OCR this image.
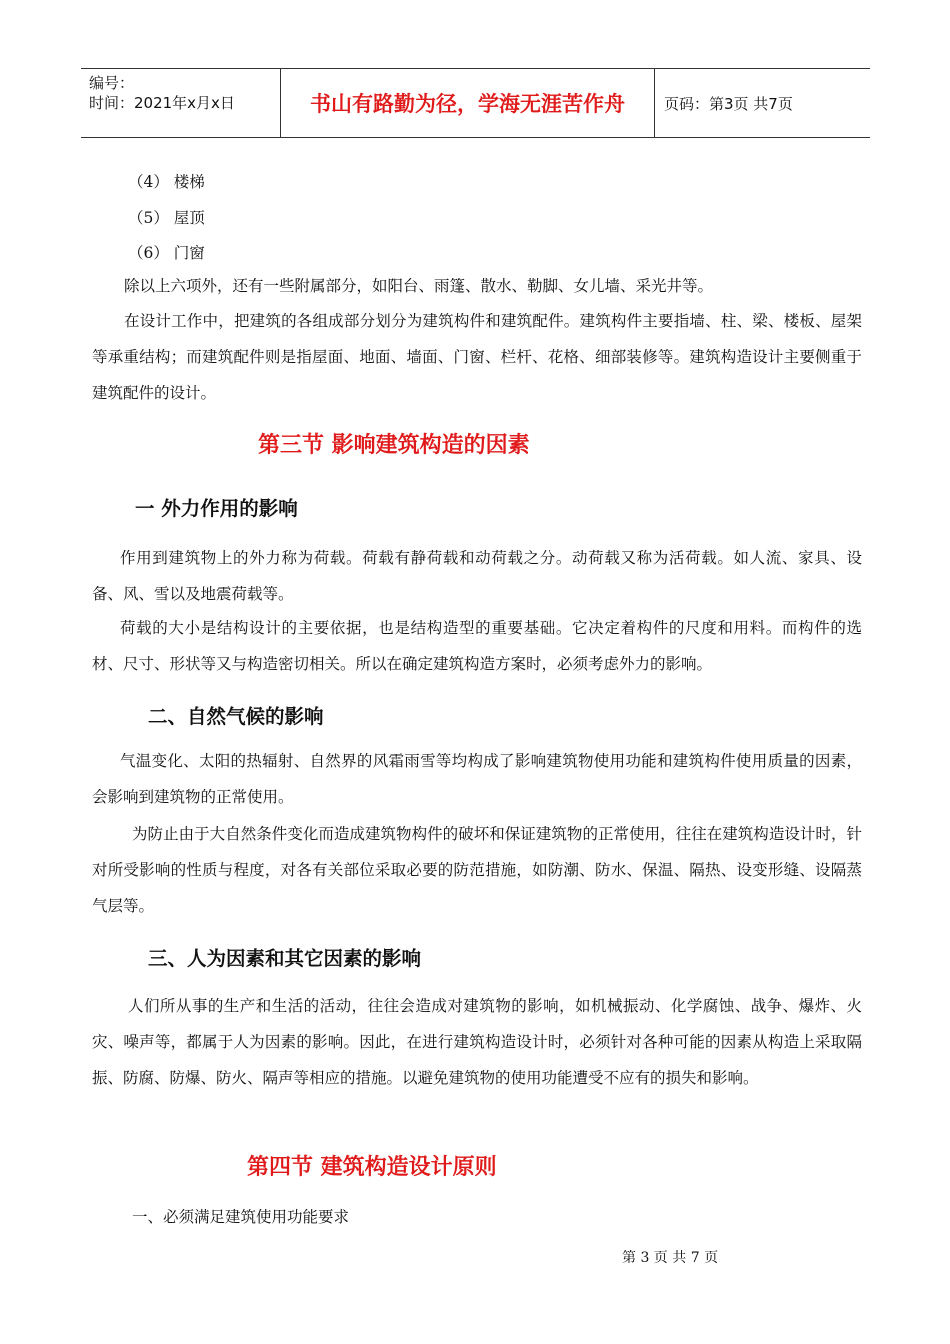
编号：
时间：2021年x月x日	书山有路勤为径，学海无涯苦作舟	页码：第3页 共7页
（4） 楼梯
（5） 屋顶
（6） 门窗
除以上六项外，还有一些附属部分，如阳台、雨篷、散水、勒脚、女儿墙、采光井等。
在设计工作中，把建筑的各组成部分划分为建筑构件和建筑配件。建筑构件主要指墙、柱、梁、楼板、屋架等承重结构；而建筑配件则是指屋面、地面、墙面、门窗、栏杆、花格、细部装修等。建筑构造设计主要侧重于建筑配件的设计。
第三节 影响建筑构造的因素
一 外力作用的影响
作用到建筑物上的外力称为荷载。荷载有静荷载和动荷载之分。动荷载又称为活荷载。如人流、家具、设备、风、雪以及地震荷载等。
荷载的大小是结构设计的主要依据，也是结构造型的重要基础。它决定着构件的尺度和用料。而构件的选材、尺寸、形状等又与构造密切相关。所以在确定建筑构造方案时，必须考虑外力的影响。
二、自然气候的影响
气温变化、太阳的热辐射、自然界的风霜雨雪等均构成了影响建筑物使用功能和建筑构件使用质量的因素，会影响到建筑物的正常使用。
为防止由于大自然条件变化而造成建筑物构件的破坏和保证建筑物的正常使用，往往在建筑构造设计时，针对所受影响的性质与程度，对各有关部位采取必要的防范措施，如防潮、防水、保温、隔热、设变形缝、设隔蒸气层等。
三、人为因素和其它因素的影响
人们所从事的生产和生活的活动，往往会造成对建筑物的影响，如机械振动、化学腐蚀、战争、爆炸、火灾、噪声等，都属于人为因素的影响。因此，在进行建筑构造设计时，必须针对各种可能的因素从构造上采取隔振、防腐、防爆、防火、隔声等相应的措施。以避免建筑物的使用功能遭受不应有的损失和影响。
第四节 建筑构造设计原则
一、必须满足建筑使用功能要求
第 3 页 共 7 页
